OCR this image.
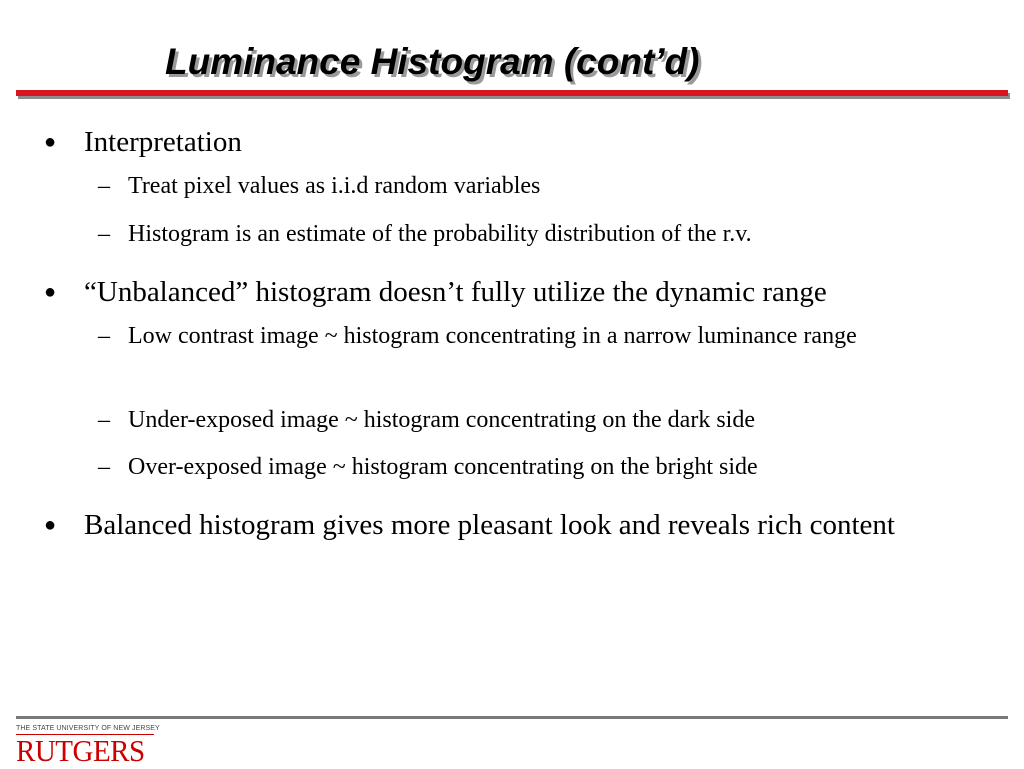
Luminance Histogram (cont’d)
● Interpretation
– Treat pixel values as i.i.d random variables
– Histogram is an estimate of the probability distribution of the r.v.
● “Unbalanced” histogram doesn’t fully utilize the dynamic range
– Low contrast image ~ histogram concentrating in a narrow luminance range
– Under-exposed image ~ histogram concentrating on the dark side
– Over-exposed image ~ histogram concentrating on the bright side
● Balanced histogram gives more pleasant look and reveals rich content
THE STATE UNIVERSITY OF NEW JERSEY
RUTGERS
